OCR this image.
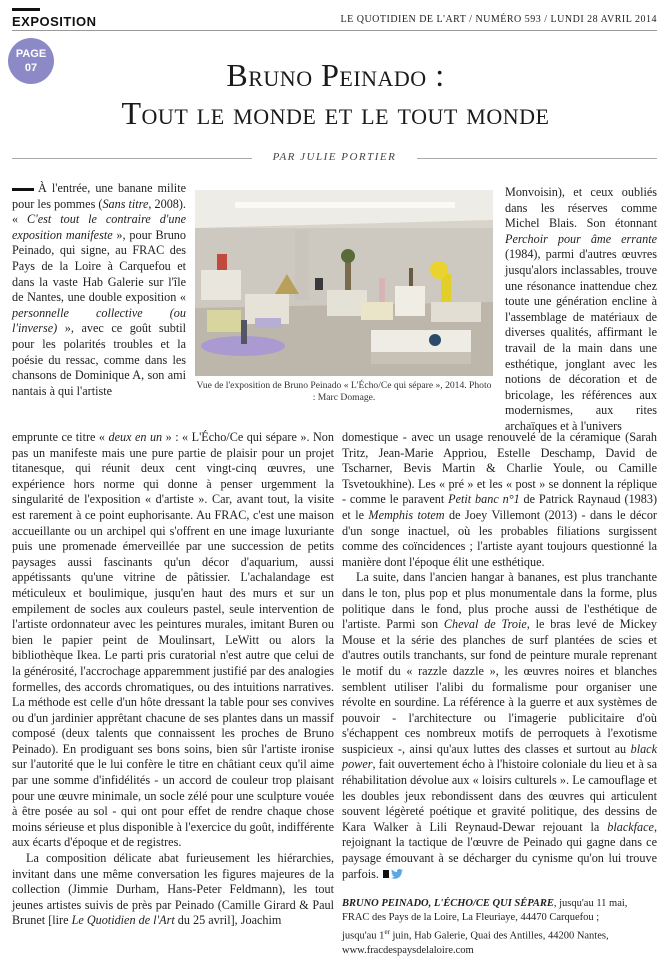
EXPOSITION	LE QUOTIDIEN DE L'ART / NUMÉRO 593 / LUNDI 28 AVRIL 2014
PAGE
07	Bruno Peinado :
Tout le monde et le tout monde
PAR JULIE PORTIER

À l'entrée, une banane milite pour les pommes (Sans titre, 2008). « C'est tout le contraire d'une exposition manifeste », pour Bruno Peinado, qui signe, au FRAC des Pays de la Loire à Carquefou et dans la vaste Hab Galerie sur l'île de Nantes, une double exposition « personnelle collective (ou l'inverse) », avec ce goût subtil pour les polarités troubles et la poésie du ressac, comme dans les chansons de Dominique A, son ami nantais à qui l'artiste	Vue de l'exposition de Bruno Peinado « L'Écho/Ce qui sépare », 2014. Photo : Marc Domage.

Monvoisin), et ceux oubliés dans les réserves comme Michel Blais. Son étonnant Perchoir pour âme errante (1984), parmi d'autres œuvres jusqu'alors inclassables, trouve une résonance inattendue chez toute une génération encline à l'assemblage de matériaux de diverses qualités, affirmant le travail de la main dans une esthétique, jonglant avec les notions de décoration et de bricolage, les références aux modernismes, aux rites archaïques et à l'univers

emprunte ce titre « deux en un » : « L'Écho/Ce qui sépare ». Non pas un manifeste mais une pure partie de plaisir pour un projet titanesque, qui réunit deux cent vingt-cinq œuvres, une expérience hors norme qui donne à penser urgemment la singularité de l'exposition « d'artiste ». Car, avant tout, la visite est rarement à ce point euphorisante. Au FRAC, c'est une maison accueillante ou un archipel qui s'offrent en une image luxuriante puis une promenade émerveillée par une succession de petits paysages aussi fascinants qu'un décor d'aquarium, aussi appétissants qu'une vitrine de pâtissier. L'achalandage est méticuleux et boulimique, jusqu'en haut des murs et sur un empilement de socles aux couleurs pastel, seule intervention de l'artiste ordonnateur avec les peintures murales, imitant Buren ou bien le papier peint de Moulinsart, LeWitt ou alors la bibliothèque Ikea. Le parti pris curatorial n'est autre que celui de la générosité, l'accrochage apparemment justifié par des analogies formelles, des accords chromatiques, ou des intuitions narratives. La méthode est celle d'un hôte dressant la table pour ses convives ou d'un jardinier apprêtant chacune de ses plantes dans un massif composé (deux talents que connaissent les proches de Bruno Peinado). En prodiguant ses bons soins, bien sûr l'artiste ironise sur l'autorité que le lui confère le titre en châtiant ceux qu'il aime par une somme d'infidélités - un accord de couleur trop plaisant pour une œuvre minimale, un socle zélé pour une sculpture vouée à être posée au sol - qui ont pour effet de rendre chaque chose moins sérieuse et plus disponible à l'exercice du goût, indifférente aux écarts d'époque et de registres.

La composition délicate abat furieusement les hiérarchies, invitant dans une même conversation les figures majeures de la collection (Jimmie Durham, Hans-Peter Feldmann), les tout jeunes artistes suivis de près par Peinado (Camille Girard & Paul Brunet [lire Le Quotidien de l'Art du 25 avril], Joachim

domestique - avec un usage renouvelé de la céramique (Sarah Tritz, Jean-Marie Appriou, Estelle Deschamp, David de Tscharner, Bevis Martin & Charlie Youle, ou Camille Tsvetoukhine). Les « pré » et les « post » se donnent la réplique - comme le paravent Petit banc n°1 de Patrick Raynaud (1983) et le Memphis totem de Joey Villemont (2013) - dans le décor d'un songe inactuel, où les probables filiations surgissent comme des coïncidences ; l'artiste ayant toujours questionné la manière dont l'époque élit une esthétique.

La suite, dans l'ancien hangar à bananes, est plus tranchante dans le ton, plus pop et plus monumentale dans la forme, plus politique dans le fond, plus proche aussi de l'esthétique de l'artiste. Parmi son Cheval de Troie, le bras levé de Mickey Mouse et la série des planches de surf plantées de scies et d'autres outils tranchants, sur fond de peinture murale reprenant le motif du « razzle dazzle », les œuvres noires et blanches semblent utiliser l'alibi du formalisme pour organiser une révolte en sourdine. La référence à la guerre et aux systèmes de pouvoir - l'architecture ou l'imagerie publicitaire d'où s'échappent ces nombreux motifs de perroquets à l'exotisme suspicieux -, ainsi qu'aux luttes des classes et surtout au black power, fait ouvertement écho à l'histoire coloniale du lieu et à sa réhabilitation dévolue aux « loisirs culturels ». Le camouflage et les doubles jeux rebondissent dans des œuvres qui articulent souvent légèreté poétique et gravité politique, des dessins de Kara Walker à Lili Reynaud-Dewar rejouant la blackface, rejoignant la tactique de l'œuvre de Peinado qui gagne dans ce paysage émouvant à se décharger du cynisme qu'on lui trouve parfois.

BRUNO PEINADO, L'ÉCHO/CE QUI SÉPARE, jusqu'au 11 mai,
FRAC des Pays de la Loire, La Fleuriaye, 44470 Carquefou ;
jusqu'au 1er juin, Hab Galerie, Quai des Antilles, 44200 Nantes,
www.fracdespaysdelaloire.com
